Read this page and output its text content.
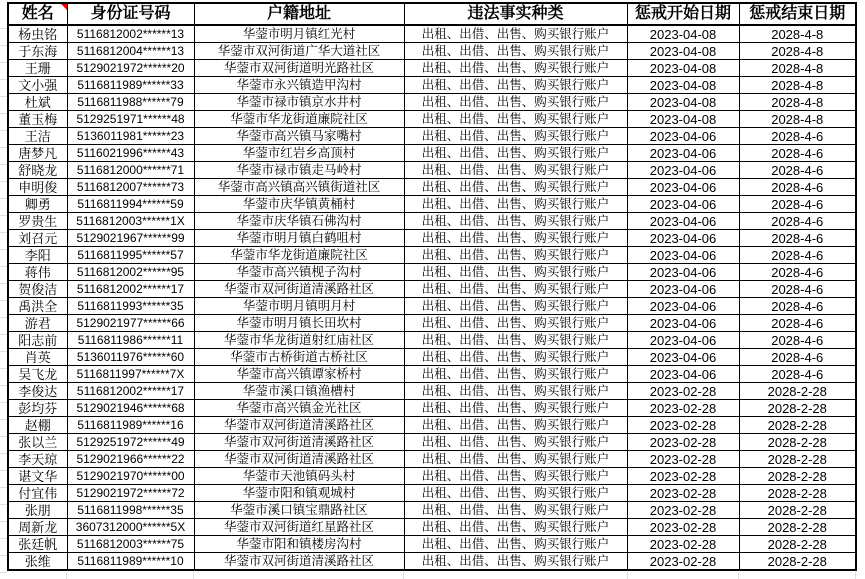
姓名	身份证号码	户籍地址	违法事实种类	惩戒开始日期	惩戒结束日期
杨虫铭	5116812002******13	华蓥市明月镇红光村	出租、出借、出售、购买银行账户	2023-04-08	2028-4-8
于东海	5116812004******13	华蓥市双河街道广华大道社区	出租、出借、出售、购买银行账户	2023-04-08	2028-4-8
王珊	5129021972******20	华蓥市双河街道明光路社区	出租、出借、出售、购买银行账户	2023-04-08	2028-4-8
文小强	5116811989******33	华蓥市永兴镇造甲沟村	出租、出借、出售、购买银行账户	2023-04-08	2028-4-8
杜斌	5116811988******79	华蓥市禄市镇京水井村	出租、出借、出售、购买银行账户	2023-04-08	2028-4-8
董玉梅	5129251971******48	华蓥市华龙街道廉院社区	出租、出借、出售、购买银行账户	2023-04-08	2028-4-8
王洁	5136011981******23	华蓥市高兴镇马家嘴村	出租、出借、出售、购买银行账户	2023-04-06	2028-4-6
唐梦凡	5116021996******43	华蓥市红岩乡高顶村	出租、出借、出售、购买银行账户	2023-04-06	2028-4-6
舒晓龙	5116812000******71	华蓥市禄市镇走马岭村	出租、出借、出售、购买银行账户	2023-04-06	2028-4-6
申明俊	5116812007******73	华蓥市高兴镇高兴镇街道社区	出租、出借、出售、购买银行账户	2023-04-06	2028-4-6
卿勇	5116811994******59	华蓥市庆华镇黄桶村	出租、出借、出售、购买银行账户	2023-04-06	2028-4-6
罗贵生	5116812003******1X	华蓥市庆华镇石佛沟村	出租、出借、出售、购买银行账户	2023-04-06	2028-4-6
刘召元	5129021967******99	华蓥市明月镇白鹤咀村	出租、出借、出售、购买银行账户	2023-04-06	2028-4-6
李阳	5116811995******57	华蓥市华龙街道廉院社区	出租、出借、出售、购买银行账户	2023-04-06	2028-4-6
蒋伟	5116812002******95	华蓥市高兴镇枧子沟村	出租、出借、出售、购买银行账户	2023-04-06	2028-4-6
贺俊洁	5116812002******17	华蓥市双河街道清溪路社区	出租、出借、出售、购买银行账户	2023-04-06	2028-4-6
禹洪全	5116811993******35	华蓥市明月镇明月村	出租、出借、出售、购买银行账户	2023-04-06	2028-4-6
游君	5129021977******66	华蓥市明月镇长田坎村	出租、出借、出售、购买银行账户	2023-04-06	2028-4-6
阳志前	5116811986******11	华蓥市华龙街道射红庙社区	出租、出借、出售、购买银行账户	2023-04-06	2028-4-6
肖英	5136011976******60	华蓥市古桥街道古桥社区	出租、出借、出售、购买银行账户	2023-04-06	2028-4-6
吴飞龙	5116811997******7X	华蓥市高兴镇谭家桥村	出租、出借、出售、购买银行账户	2023-04-06	2028-4-6
李俊达	5116812002******17	华蓥市溪口镇渔槽村	出租、出借、出售、购买银行账户	2023-02-28	2028-2-28
彭均芬	5129021946******68	华蓥市高兴镇金光社区	出租、出借、出售、购买银行账户	2023-02-28	2028-2-28
赵棚	5116811989******16	华蓥市双河街道清溪路社区	出租、出借、出售、购买银行账户	2023-02-28	2028-2-28
张以兰	5129251972******49	华蓥市双河街道清溪路社区	出租、出借、出售、购买银行账户	2023-02-28	2028-2-28
李天琼	5129021966******22	华蓥市双河街道清溪路社区	出租、出借、出售、购买银行账户	2023-02-28	2028-2-28
谌文华	5129021970******00	华蓥市天池镇码头村	出租、出借、出售、购买银行账户	2023-02-28	2028-2-28
付宜伟	5129021972******72	华蓥市阳和镇观城村	出租、出借、出售、购买银行账户	2023-02-28	2028-2-28
张朋	5116811998******35	华蓥市溪口镇宝鼎路社区	出租、出借、出售、购买银行账户	2023-02-28	2028-2-28
周新龙	3607312000******5X	华蓥市双河街道红星路社区	出租、出借、出售、购买银行账户	2023-02-28	2028-2-28
张廷帆	5116812003******75	华蓥市阳和镇楼房沟村	出租、出借、出售、购买银行账户	2023-02-28	2028-2-28
张维	5116811989******10	华蓥市双河街道清溪路社区	出租、出借、出售、购买银行账户	2023-02-28	2028-2-28
